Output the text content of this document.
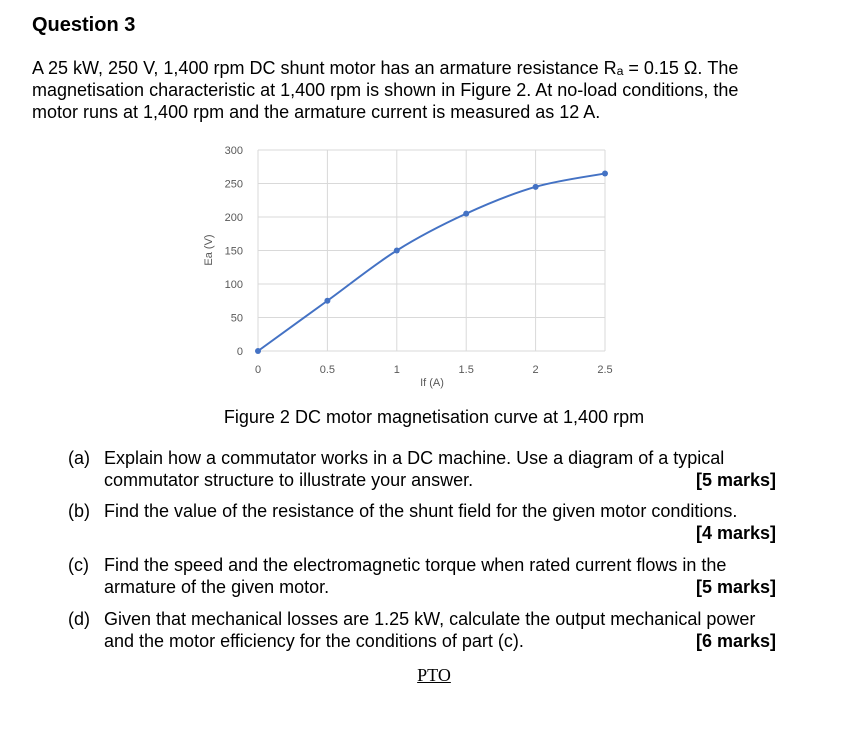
Question 3
A 25 kW, 250 V, 1,400 rpm DC shunt motor has an armature resistance Rₐ = 0.15 Ω. The
magnetisation characteristic at 1,400 rpm is shown in Figure 2. At no-load conditions, the
motor runs at 1,400 rpm and the armature current is measured as 12 A.
0
50
100
150
200
250
300
0	0.5	1	1.5	2	2.5
Ea (V)
If (A)
Figure 2 DC motor magnetisation curve at 1,400 rpm
(a) Explain how a commutator works in a DC machine. Use a diagram of a typical
commutator structure to illustrate your answer.	[5 marks]
(b) Find the value of the resistance of the shunt field for the given motor conditions.
[4 marks]
(c) Find the speed and the electromagnetic torque when rated current flows in the
armature of the given motor.	[5 marks]
(d) Given that mechanical losses are 1.25 kW, calculate the output mechanical power
and the motor efficiency for the conditions of part (c).	[6 marks]
PTO
